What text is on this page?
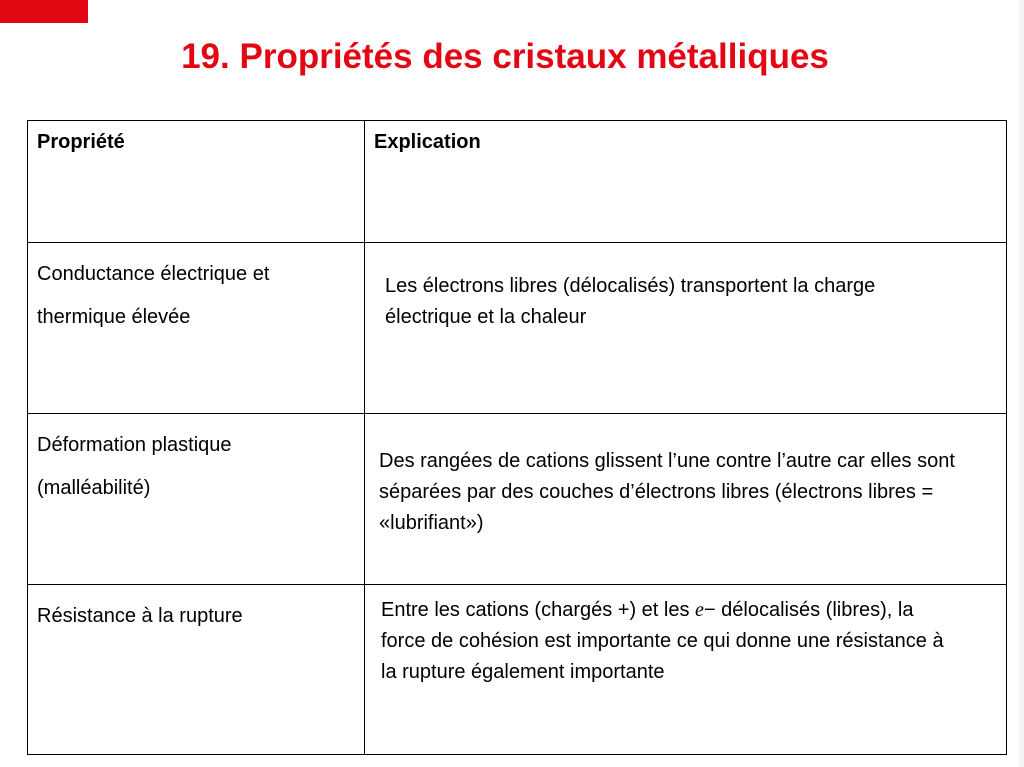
19. Propriétés des cristaux métalliques
Propriété	Explication

Conductance électrique et thermique élevée	Les électrons libres (délocalisés) transportent la charge électrique et la chaleur

Déformation plastique (malléabilité)	Des rangées de cations glissent l’une contre l’autre car elles sont séparées par des couches d’électrons libres (électrons libres = «lubrifiant»)

Résistance à la rupture	Entre les cations (chargés +) et les e− délocalisés (libres), la force de cohésion est importante ce qui donne une résistance à la rupture également importante
